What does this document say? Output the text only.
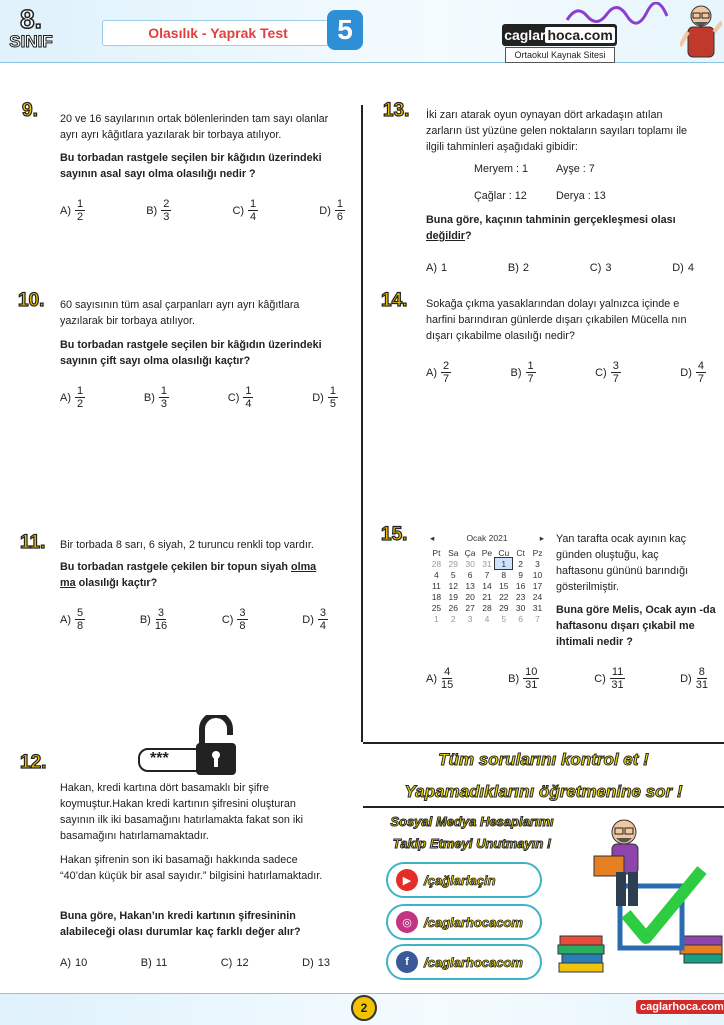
8.
SINIF	Olasılık - Yaprak Test	5	caglar hoca.com
Ortaokul Kaynak Sitesi
9. 20 ve 16 sayılarının ortak bölenlerinden tam sayı olanlar ayrı ayrı kâğıtlara yazılarak bir torbaya atılıyor.
Bu torbadan rastgele seçilen bir kâğıdın üzerindeki sayının asal sayı olma olasılığı nedir ?
$A) \frac{1}{2}$	$B) \frac{2}{3}$	$C) \frac{1}{4}$	$D) \frac{1}{6}$
10. 60 sayısının tüm asal çarpanları ayrı ayrı kâğıtlara yazılarak bir torbaya atılıyor.
Bu torbadan rastgele seçilen bir kâğıdın üzerindeki sayının çift sayı olma olasılığı kaçtır?
$A) \frac{1}{2}$	$B) \frac{1}{3}$	$C) \frac{1}{4}$	$D) \frac{1}{5}$
11. Bir torbada 8 sarı, 6 siyah, 2 turuncu renkli top vardır.
Bu torbadan rastgele çekilen bir topun siyah olma
ma olasılığı kaçtır?
$A) \frac{5}{8}$	$B) \frac{3}{16}$	$C) \frac{3}{8}$	$D) \frac{3}{4}$
12.	***
Hakan, kredi kartına dört basamaklı bir şifre koymuştur.Hakan kredi kartının şifresini oluşturan sayının ilk iki basamağını hatırlamakta fakat son iki basamağını hatırlamamaktadır.
Hakan şifrenin son iki basamağı hakkında sadece “40’dan küçük bir asal sayıdır.” bilgisini hatırlamaktadır.
Buna göre, Hakan’ın kredi kartının şifresininin alabileceği olası durumlar kaç farklı değer alır?
A) 10	B) 11	C) 12	D) 13
13. İki zarı atarak oyun oynayan dört arkadaşın atılan zarların üst yüzüne gelen noktaların sayıları toplamı ile ilgili tahminleri aşağıdaki gibidir:
Meryem : 1	Ayşe : 7
Çağlar : 12	Derya : 13
Buna göre, kaçının tahminin gerçekleşmesi olası değildir?
A) 1	B) 2	C) 3	D) 4
14. Sokağa çıkma yasaklarından dolayı yalnızca içinde e harfini barındıran günlerde dışarı çıkabilen Mücella nın dışarı çıkabilme olasılığı nedir?
$A) \frac{2}{7}$	$B) \frac{1}{7}$	$C) \frac{3}{7}$	$D) \frac{4}{7}$
15.	◂	Ocak 2021	▸
Pt	Sa	Ça	Pe	Cu	Ct	Pz
28	29	30	31	1	2	3
4	5	6	7	8	9	10
11	12	13	14	15	16	17
18	19	20	21	22	23	24
25	26	27	28	29	30	31
1	2	3	4	5	6	7
Yan tarafta ocak ayının kaç günden oluştuğu, kaç haftasonu gününü barındığı gösterilmiştir.
Buna göre Melis, Ocak ayın -da haftasonu dışarı çıkabil me ihtimali nedir ?
$A) \frac{4}{15}$	$B) \frac{10}{31}$	$C) \frac{11}{31}$	$D) \frac{8}{31}$
Tüm sorularını kontrol et !
Yapamadıklarını öğretmenine sor !
Sosyal Medya Hesaplarımı
Takip Etmeyi Unutmayın !
▶ /çağlarlaçin
◎ /caglarhocacom
f	/caglarhocacom
2	caglarhoca.com
